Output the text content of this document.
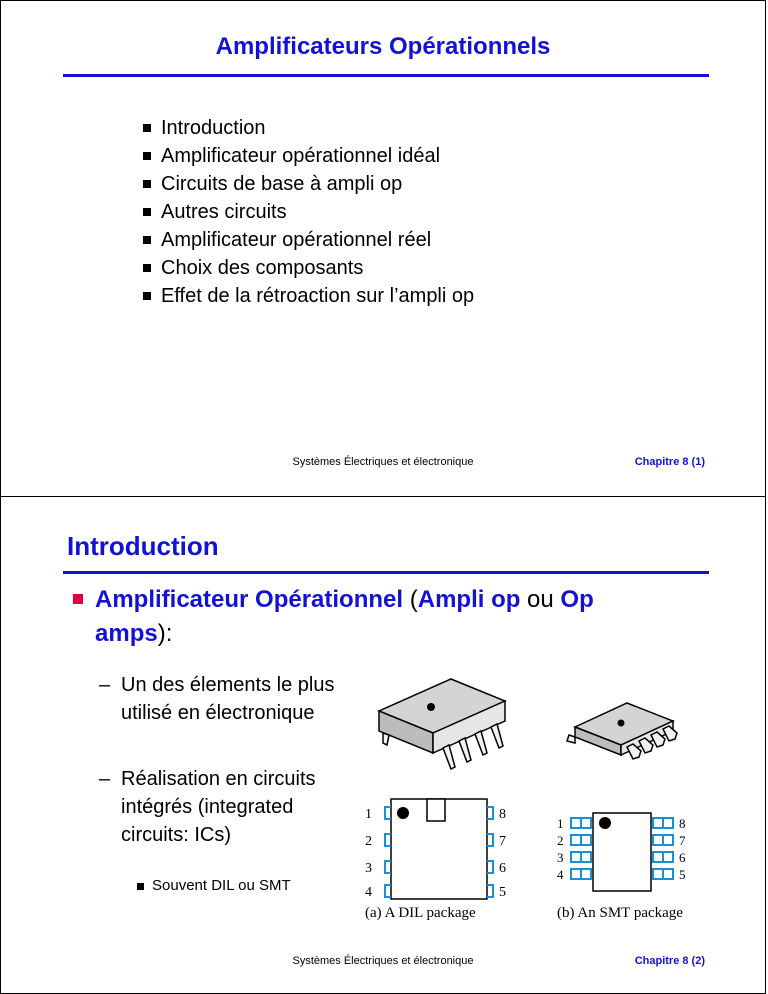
Amplificateurs Opérationnels
Introduction
Amplificateur opérationnel idéal
Circuits de base à ampli op
Autres circuits
Amplificateur opérationnel réel
Choix des composants
Effet de la rétroaction sur l’ampli op
Systèmes Électriques et électronique	Chapitre 8 (1)
Introduction
Amplificateur Opérationnel (Ampli op ou Op amps):
– Un des élements le plus utilisé en électronique
– Réalisation en circuits intégrés (integrated circuits: ICs)
Souvent DIL ou SMT
1
2
3
4
8
7
6
5
(a) A DIL package
1
2
3
4
8
7
6
5
(b) An SMT package
Systèmes Électriques et électronique	Chapitre 8 (2)
